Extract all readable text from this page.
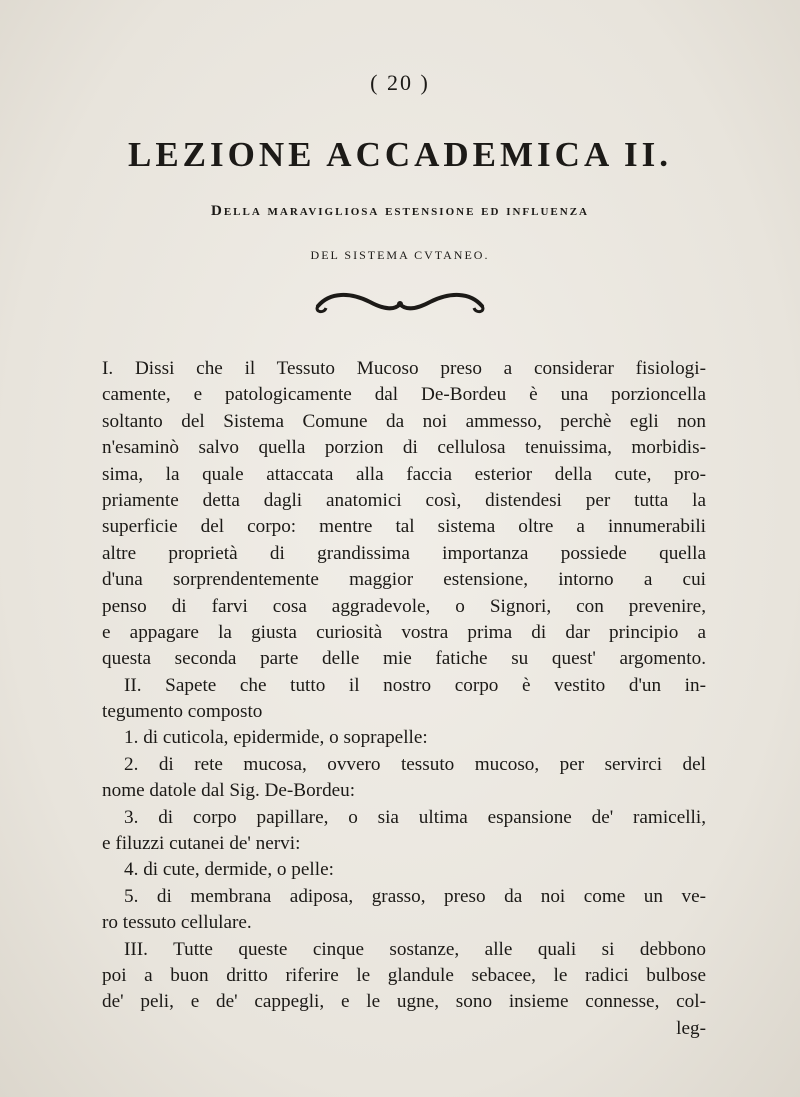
( 20 )
LEZIONE ACCADEMICA II.
Della maravigliosa estensione ed influenza
DEL SISTEMA CVTANEO.
I. Dissi che il Tessuto Mucoso preso a considerar fisiologi-
camente, e patologicamente dal De-Bordeu è una porzioncella
soltanto del Sistema Comune da noi ammesso, perchè egli non
n'esaminò salvo quella porzion di cellulosa tenuissima, morbidis-
sima, la quale attaccata alla faccia esterior della cute, pro-
priamente detta dagli anatomici così, distendesi per tutta la
superficie del corpo: mentre tal sistema oltre a innumerabili
altre proprietà di grandissima importanza possiede quella
d'una sorprendentemente maggior estensione, intorno a cui
penso di farvi cosa aggradevole, o Signori, con prevenire,
e appagare la giusta curiosità vostra prima di dar principio a
questa seconda parte delle mie fatiche su quest' argomento.
II. Sapete che tutto il nostro corpo è vestito d'un in-
tegumento composto
1. di cuticola, epidermide, o soprapelle:
2. di rete mucosa, ovvero tessuto mucoso, per servirci del
nome datole dal Sig. De-Bordeu:
3. di corpo papillare, o sia ultima espansione de' ramicelli,
e filuzzi cutanei de' nervi:
4. di cute, dermide, o pelle:
5. di membrana adiposa, grasso, preso da noi come un ve-
ro tessuto cellulare.
III. Tutte queste cinque sostanze, alle quali si debbono
poi a buon dritto riferire le glandule sebacee, le radici bulbose
de' peli, e de' cappegli, e le ugne, sono insieme connesse, col-
leg-
